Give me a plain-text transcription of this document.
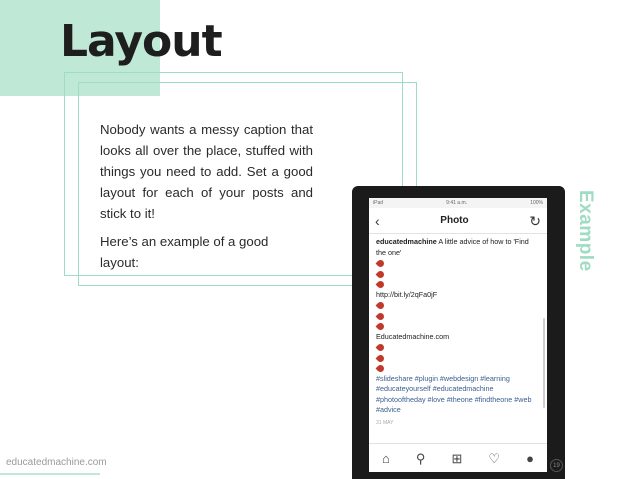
Layout
Nobody wants a messy caption that looks all over the place, stuffed with things you need to add. Set a good layout for each of your posts and stick to it!
Here’s an example of a good layout:	Example
iPad	9:41 a.m.	100%
‹	Photo	↻
educatedmachine A little advice of how to 'Find the one'
http://bit.ly/2qFa0jF
Educatedmachine.com
#slideshare #plugin #webdesign #learning #educateyourself #educatedmachine #photooftheday #love #theone #findtheone #web #advice
31 MAY
⌂ ⚲ ⊞ ♡ ●	19
educatedmachine.com
